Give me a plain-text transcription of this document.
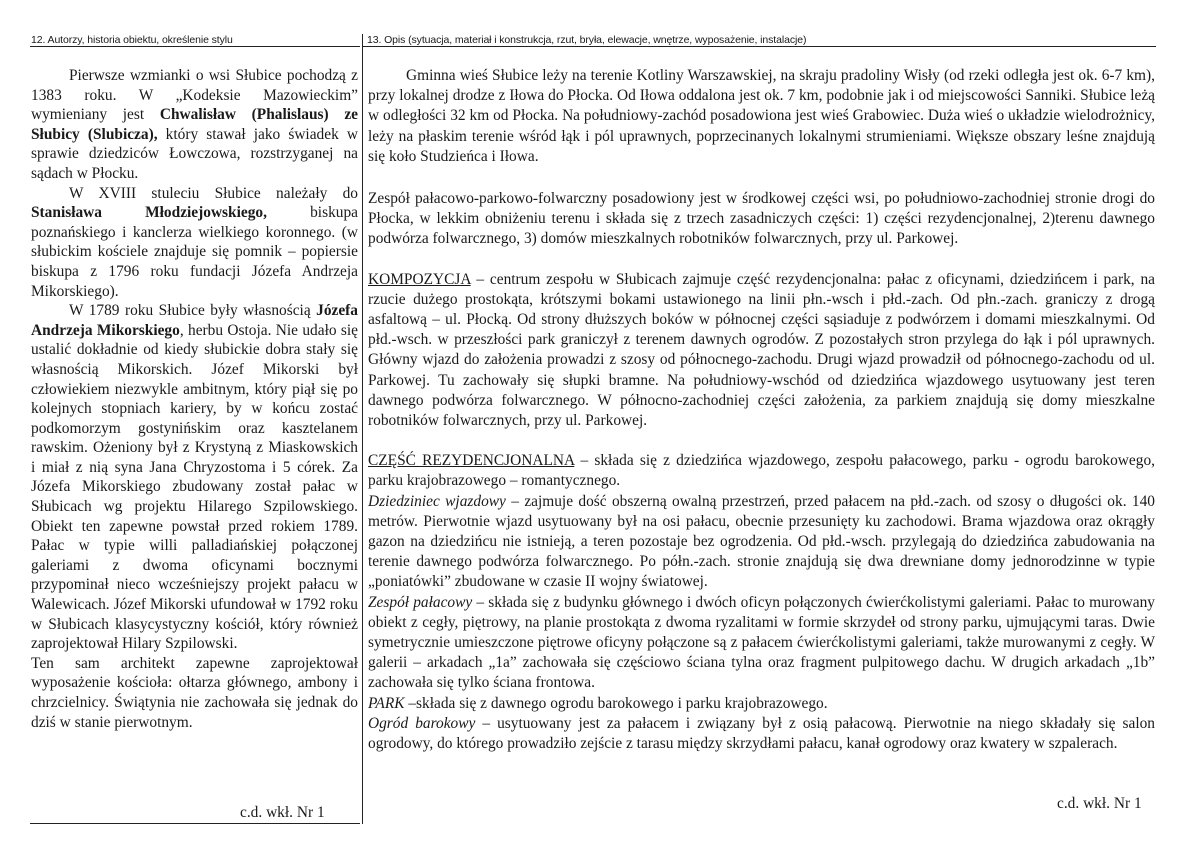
12. Autorzy, historia obiektu, określenie stylu	13. Opis (sytuacja, materiał i konstrukcja, rzut, bryła, elewacje, wnętrze, wyposażenie, instalacje)

Pierwsze wzmianki o wsi Słubice pochodzą z 1383 roku. W „Kodeksie Mazowieckim” wymieniany jest Chwalisław (Phalislaus) ze Słubicy (Slubicza), który stawał jako świadek w sprawie dziedziców Łowczowa, rozstrzyganej na sądach w Płocku.

W XVIII stuleciu Słubice należały do Stanisława Młodziejowskiego, biskupa poznańskiego i kanclerza wielkiego koronnego. (w słubickim kościele znajduje się pomnik – popiersie biskupa z 1796 roku fundacji Józefa Andrzeja Mikorskiego).

W 1789 roku Słubice były własnością Józefa Andrzeja Mikorskiego, herbu Ostoja. Nie udało się ustalić dokładnie od kiedy słubickie dobra stały się własnością Mikorskich. Józef Mikorski był człowiekiem niezwykle ambitnym, który piął się po kolejnych stopniach kariery, by w końcu zostać podkomorzym gostynińskim oraz kasztelanem rawskim. Ożeniony był z Krystyną z Miaskowskich i miał z nią syna Jana Chryzostoma i 5 córek. Za Józefa Mikorskiego zbudowany został pałac w Słubicach wg projektu Hilarego Szpilowskiego. Obiekt ten zapewne powstał przed rokiem 1789. Pałac w typie willi palladiańskiej połączonej galeriami z dwoma oficynami bocznymi przypominał nieco wcześniejszy projekt pałacu w Walewicach. Józef Mikorski ufundował w 1792 roku w Słubicach klasycystyczny kościół, który również zaprojektował Hilary Szpilowski.

Ten sam architekt zapewne zaprojektował wyposażenie kościoła: ołtarza głównego, ambony i chrzcielnicy. Świątynia nie zachowała się jednak do dziś w stanie pierwotnym.

c.d. wkł. Nr 1

Gminna wieś Słubice leży na terenie Kotliny Warszawskiej, na skraju pradoliny Wisły (od rzeki odległa jest ok. 6-7 km), przy lokalnej drodze z Iłowa do Płocka. Od Iłowa oddalona jest ok. 7 km, podobnie jak i od miejscowości Sanniki. Słubice leżą w odległości 32 km od Płocka. Na południowy-zachód posadowiona jest wieś Grabowiec. Duża wieś o układzie wielodrożnicy, leży na płaskim terenie wśród łąk i pól uprawnych, poprzecinanych lokalnymi strumieniami. Większe obszary leśne znajdują się koło Studzieńca i Iłowa.

Zespół pałacowo-parkowo-folwarczny posadowiony jest w środkowej części wsi, po południowo-zachodniej stronie drogi do Płocka, w lekkim obniżeniu terenu i składa się z trzech zasadniczych części: 1) części rezydencjonalnej, 2)terenu dawnego podwórza folwarcznego, 3) domów mieszkalnych robotników folwarcznych, przy ul. Parkowej.

KOMPOZYCJA – centrum zespołu w Słubicach zajmuje część rezydencjonalna: pałac z oficynami, dziedzińcem i park, na rzucie dużego prostokąta, krótszymi bokami ustawionego na linii płn.-wsch i płd.-zach. Od płn.-zach. graniczy z drogą asfaltową – ul. Płocką. Od strony dłuższych boków w północnej części sąsiaduje z podwórzem i domami mieszkalnymi. Od płd.-wsch. w przeszłości park graniczył z terenem dawnych ogrodów. Z pozostałych stron przylega do łąk i pól uprawnych. Główny wjazd do założenia prowadzi z szosy od północnego-zachodu. Drugi wjazd prowadził od północnego-zachodu od ul. Parkowej. Tu zachowały się słupki bramne. Na południowy-wschód od dziedzińca wjazdowego usytuowany jest teren dawnego podwórza folwarcznego. W północno-zachodniej części założenia, za parkiem znajdują się domy mieszkalne robotników folwarcznych, przy ul. Parkowej.

CZĘŚĆ REZYDENCJONALNA – składa się z dziedzińca wjazdowego, zespołu pałacowego, parku - ogrodu barokowego, parku krajobrazowego – romantycznego.

Dziedziniec wjazdowy – zajmuje dość obszerną owalną przestrzeń, przed pałacem na płd.-zach. od szosy o długości ok. 140 metrów. Pierwotnie wjazd usytuowany był na osi pałacu, obecnie przesunięty ku zachodowi. Brama wjazdowa oraz okrągły gazon na dziedzińcu nie istnieją, a teren pozostaje bez ogrodzenia. Od płd.-wsch. przylegają do dziedzińca zabudowania na terenie dawnego podwórza folwarcznego. Po półn.-zach. stronie znajdują się dwa drewniane domy jednorodzinne w typie „poniatówki” zbudowane w czasie II wojny światowej.

Zespół pałacowy – składa się z budynku głównego i dwóch oficyn połączonych ćwierćkolistymi galeriami. Pałac to murowany obiekt z cegły, piętrowy, na planie prostokąta z dwoma ryzalitami w formie skrzydeł od strony parku, ujmującymi taras. Dwie symetrycznie umieszczone piętrowe oficyny połączone są z pałacem ćwierćkolistymi galeriami, także murowanymi z cegły. W galerii – arkadach „1a” zachowała się częściowo ściana tylna oraz fragment pulpitowego dachu. W drugich arkadach „1b” zachowała się tylko ściana frontowa.

PARK –składa się z dawnego ogrodu barokowego i parku krajobrazowego.

Ogród barokowy – usytuowany jest za pałacem i związany był z osią pałacową. Pierwotnie na niego składały się salon ogrodowy, do którego prowadziło zejście z tarasu między skrzydłami pałacu, kanał ogrodowy oraz kwatery w szpalerach.

c.d. wkł. Nr 1
